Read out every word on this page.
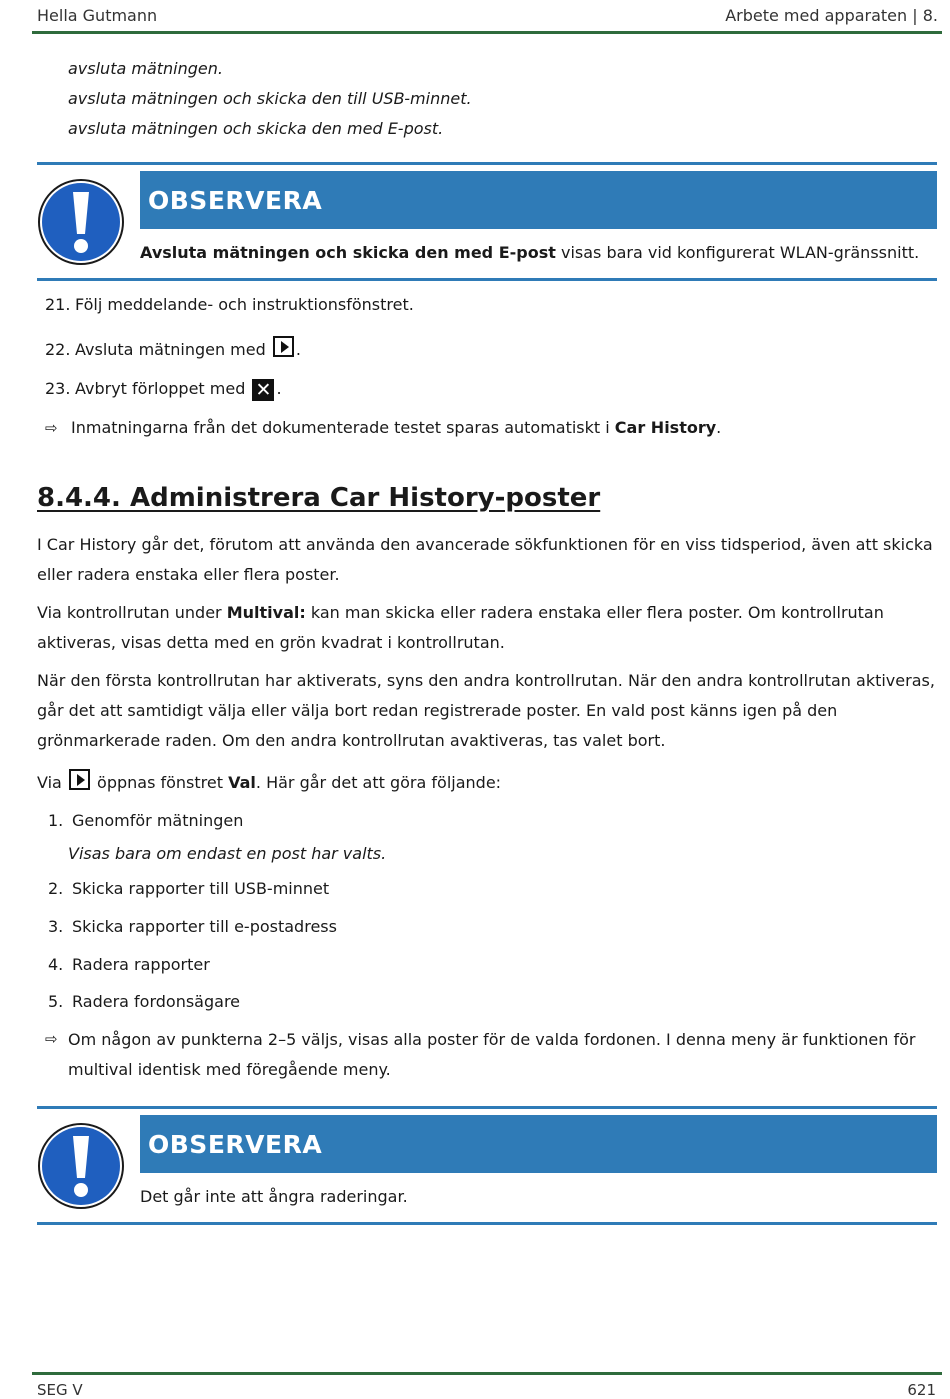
Hella Gutmann	Arbete med apparaten | 8.
avsluta mätningen.
avsluta mätningen och skicka den till USB-minnet.
avsluta mätningen och skicka den med E-post.
OBSERVERA
Avsluta mätningen och skicka den med E-post visas bara vid konfigurerat WLAN-gränssnitt.
21. Följ meddelande- och instruktionsfönstret.
22. Avsluta mätningen med .
23. Avbryt förloppet med ✕ .
⇨ Inmatningarna från det dokumenterade testet sparas automatiskt i Car History.
8.4.4. Administrera Car History-poster
I Car History går det, förutom att använda den avancerade sökfunktionen för en viss tidsperiod, även att skicka eller radera enstaka eller flera poster.
Via kontrollrutan under Multival: kan man skicka eller radera enstaka eller flera poster. Om kontrollrutan aktiveras, visas detta med en grön kvadrat i kontrollrutan.
När den första kontrollrutan har aktiverats, syns den andra kontrollrutan. När den andra kontrollrutan aktiveras, går det att samtidigt välja eller välja bort redan registrerade poster. En vald post känns igen på den grönmarkerade raden. Om den andra kontrollrutan avaktiveras, tas valet bort.
Via  öppnas fönstret Val. Här går det att göra följande:
1. Genomför mätningen
Visas bara om endast en post har valts.
2. Skicka rapporter till USB-minnet
3. Skicka rapporter till e-postadress
4. Radera rapporter
5. Radera fordonsägare
⇨ Om någon av punkterna 2–5 väljs, visas alla poster för de valda fordonen. I denna meny är funktionen för multival identisk med föregående meny.
OBSERVERA
Det går inte att ångra raderingar.
SEG V	621
